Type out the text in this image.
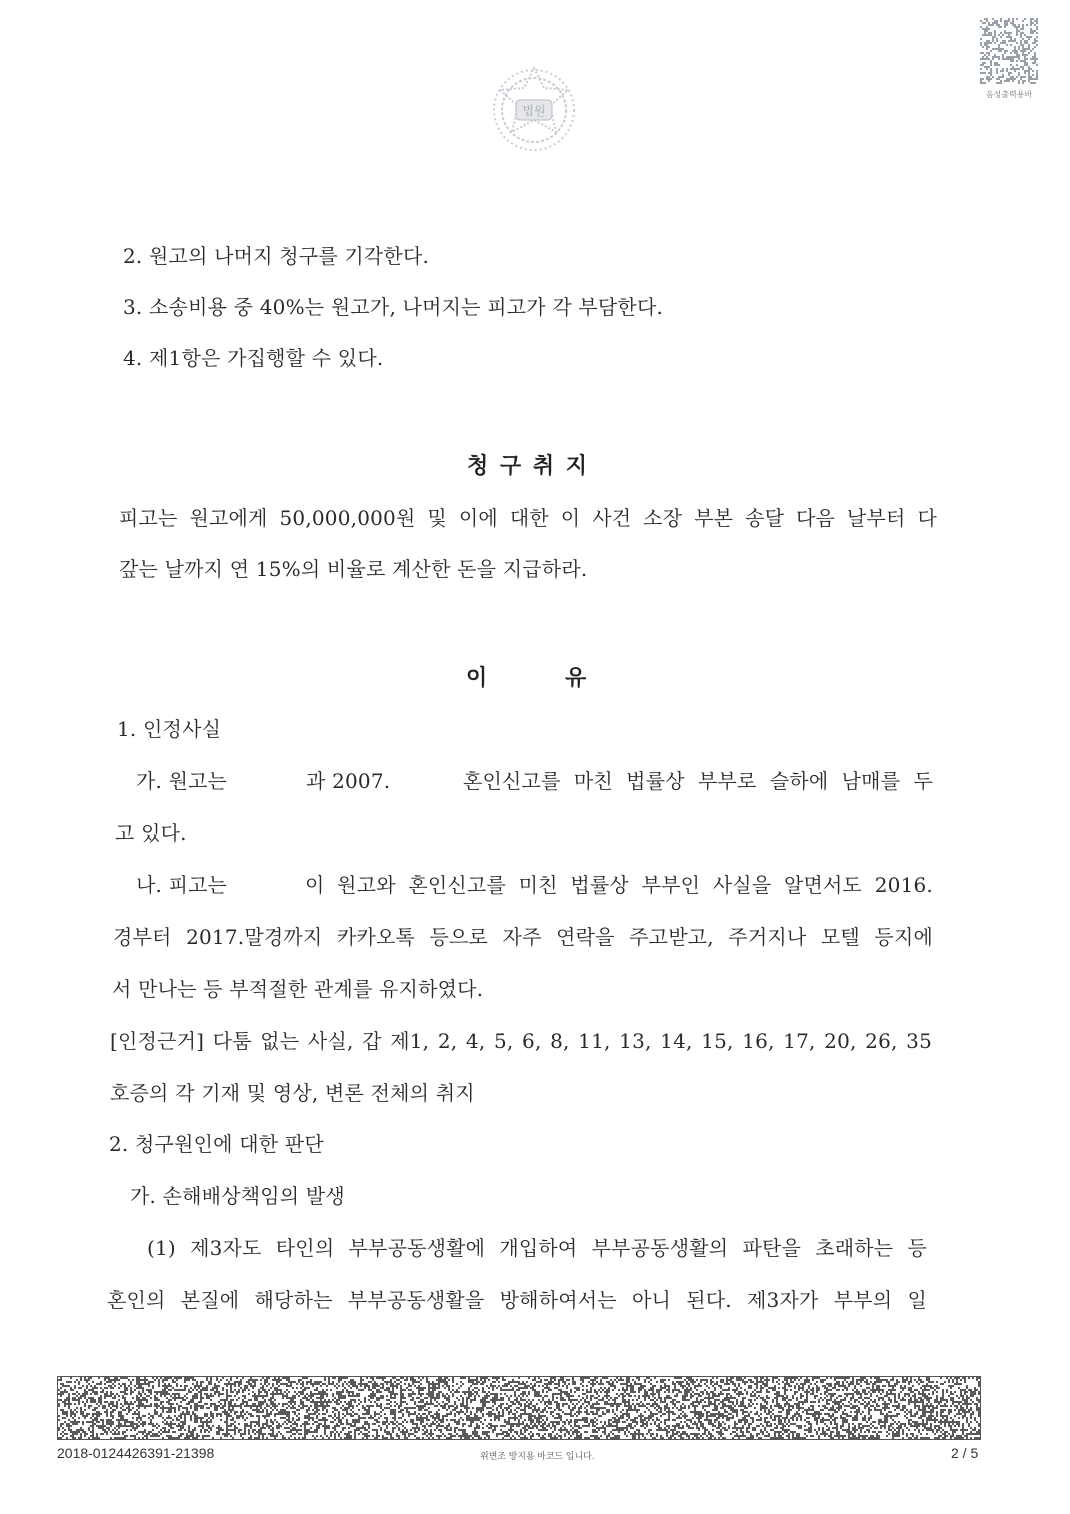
법원
음성출력용바
2. 원고의 나머지 청구를 기각한다.
3. 소송비용 중 40%는 원고가, 나머지는 피고가 각 부담한다.
4. 제1항은 가집행할 수 있다.
청 구 취 지
피고는 원고에게 50,000,000원 및 이에 대한 이 사건 소장 부본 송달 다음 날부터 다
갚는 날까지 연 15%의 비율로 계산한 돈을 지급하라.
이	유
1. 인정사실
가. 원고는	과 2007.	혼인신고를 마친 법률상 부부로 슬하에 남매를 두
고 있다.
나. 피고는	이 원고와 혼인신고를 미친 법률상 부부인 사실을 알면서도 2016.
경부터 2017.말경까지 카카오톡 등으로 자주 연락을 주고받고, 주거지나 모텔 등지에
서 만나는 등 부적절한 관계를 유지하였다.
[인정근거] 다툼 없는 사실, 갑 제1, 2, 4, 5, 6, 8, 11, 13, 14, 15, 16, 17, 20, 26, 35
호증의 각 기재 및 영상, 변론 전체의 취지
2. 청구원인에 대한 판단
가. 손해배상책임의 발생
(1) 제3자도 타인의 부부공동생활에 개입하여 부부공동생활의 파탄을 초래하는 등
혼인의 본질에 해당하는 부부공동생활을 방해하여서는 아니 된다. 제3자가 부부의 일
2018-0124426391-21398	위변조 방지용 바코드 입니다.	2 / 5
